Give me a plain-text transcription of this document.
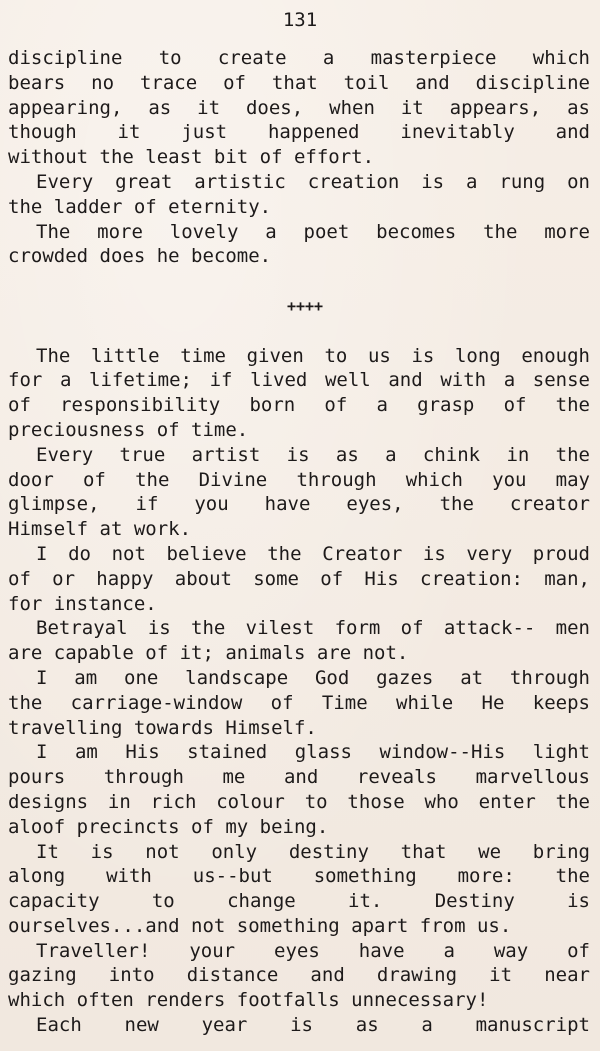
131
discipline to create a masterpiece which
bears no trace of that toil and discipline
appearing, as it does, when it appears, as
though it just happened inevitably and
without the least bit of effort.
Every great artistic creation is a rung on
the ladder of eternity.
The more lovely a poet becomes the more
crowded does he become.
++++
The little time given to us is long enough
for a lifetime; if lived well and with a sense
of responsibility born of a grasp of the
preciousness of time.
Every true artist is as a chink in the
door of the Divine through which you may
glimpse, if you have eyes, the creator
Himself at work.
I do not believe the Creator is very proud
of or happy about some of His creation: man,
for instance.
Betrayal is the vilest form of attack-- men
are capable of it; animals are not.
I am one landscape God gazes at through
the carriage-window of Time while He keeps
travelling towards Himself.
I am His stained glass window--His light
pours through me and reveals marvellous
designs in rich colour to those who enter the
aloof precincts of my being.
It is not only destiny that we bring
along with us--but something more: the
capacity to change it. Destiny is
ourselves...and not something apart from us.
Traveller! your eyes have a way of
gazing into distance and drawing it near
which often renders footfalls unnecessary!
Each new year is as a manuscript
